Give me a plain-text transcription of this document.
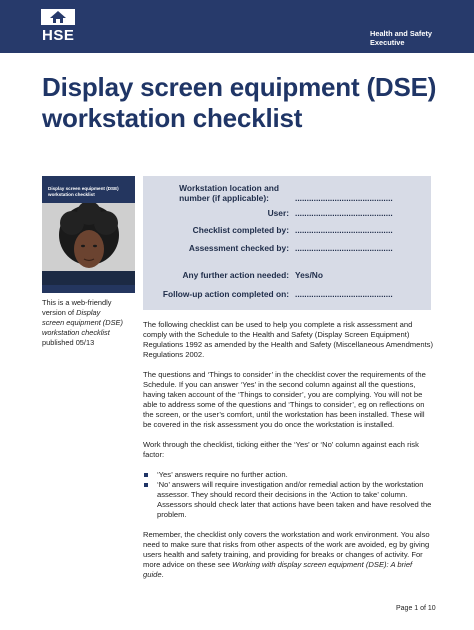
HSE	Health and Safety
Executive
Display screen equipment (DSE)
workstation checklist
Display screen equipment (DSE)
workstation checklist
This is a web-friendly
version of Display
screen equipment (DSE)
workstation checklist
published 05/13
Workstation location and
number (if applicable):	..........................................
User: ..........................................
Checklist completed by: ..........................................
Assessment checked by: ..........................................
Any further action needed: Yes/No
Follow-up action completed on: ..........................................

The following checklist can be used to help you complete a risk assessment and comply with the Schedule to the Health and Safety (Display Screen Equipment) Regulations 1992 as amended by the Health and Safety (Miscellaneous Amendments) Regulations 2002.

The questions and ‘Things to consider’ in the checklist cover the requirements of the Schedule. If you can answer ‘Yes’ in the second column against all the questions, having taken account of the ‘Things to consider’, you are complying. You will not be able to address some of the questions and ‘Things to consider’, eg on reflections on the screen, or the user’s comfort, until the workstation has been installed. These will be covered in the risk assessment you do once the workstation is installed.

Work through the checklist, ticking either the ‘Yes’ or ‘No’ column against each risk factor:

‘Yes’ answers require no further action.
‘No’ answers will require investigation and/or remedial action by the workstation assessor. They should record their decisions in the ‘Action to take’ column. Assessors should check later that actions have been taken and have resolved the problem.

Remember, the checklist only covers the workstation and work environment. You also need to make sure that risks from other aspects of the work are avoided, eg by giving users health and safety training, and providing for breaks or changes of activity. For more advice on these see Working with display screen equipment (DSE): A brief guide.

Page 1 of 10
